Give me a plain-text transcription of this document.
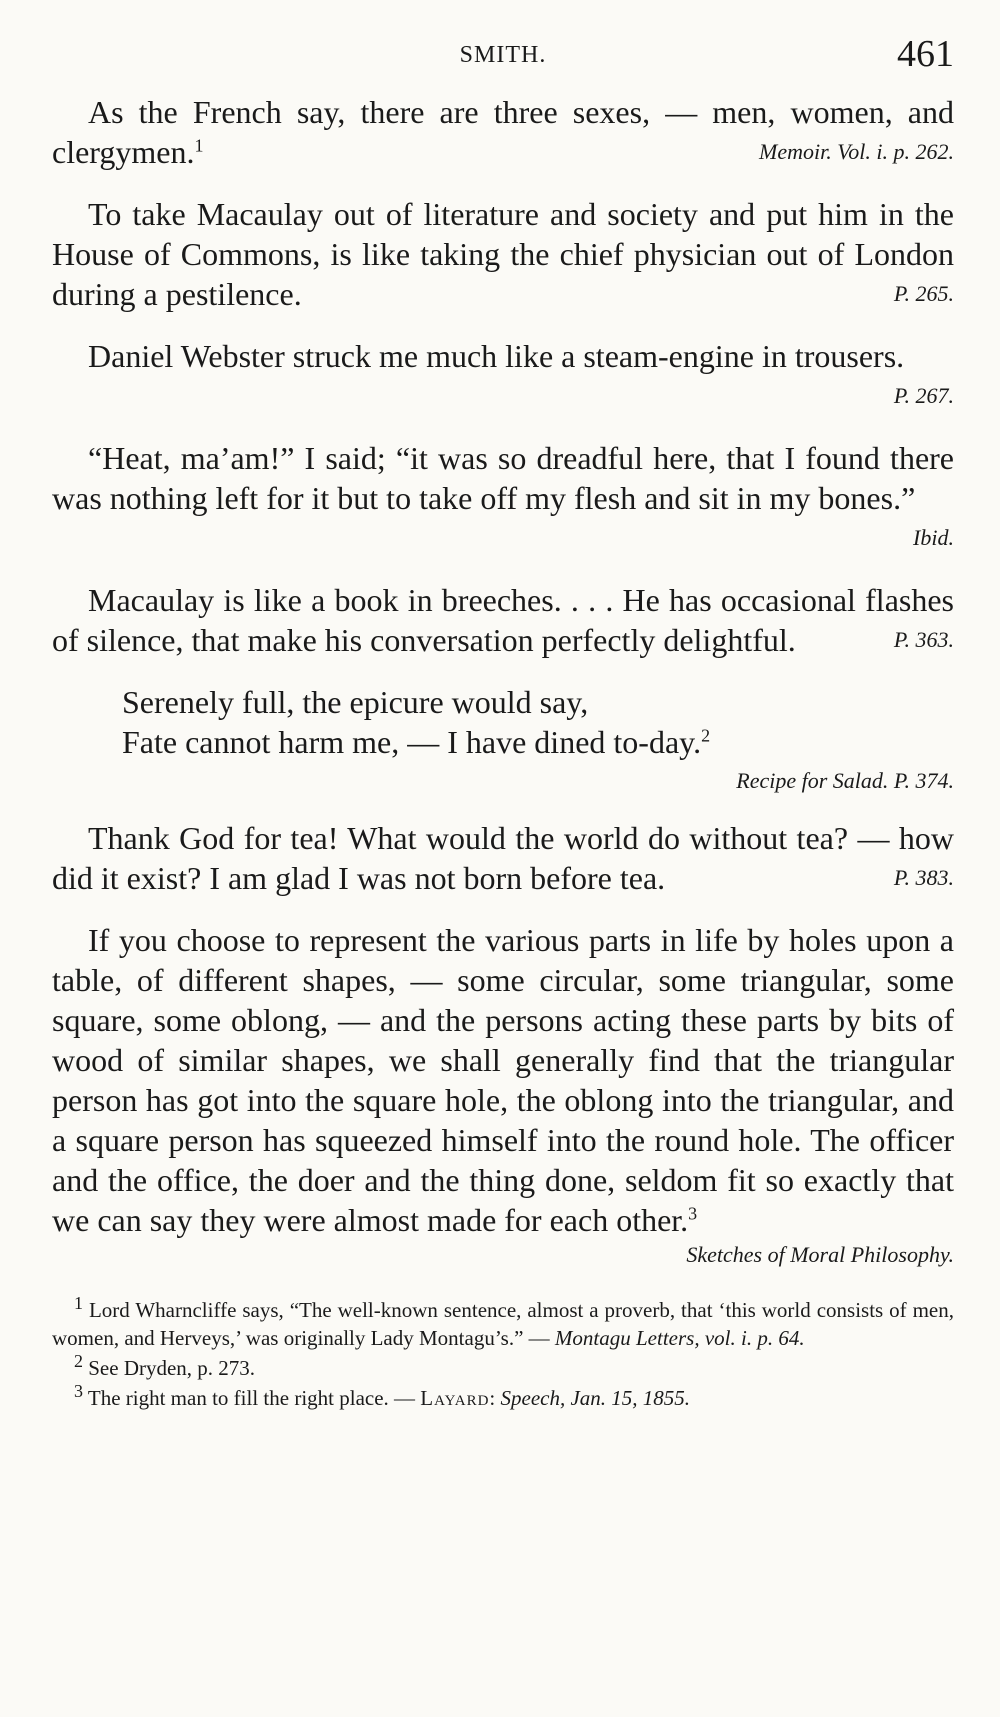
SMITH.	461

As the French say, there are three sexes, — men, women, and clergymen.$^1$	Memoir. Vol. i. p. 262.

To take Macaulay out of literature and society and put him in the House of Commons, is like taking the chief physician out of London during a pestilence.	P. 265.

Daniel Webster struck me much like a steam-engine in trousers.
P. 267.

“Heat, ma’am!” I said; “it was so dreadful here, that I found there was nothing left for it but to take off my flesh and sit in my bones.”
Ibid.

Macaulay is like a book in breeches. . . . He has occasional flashes of silence, that make his conversation perfectly delightful.	P. 363.

Serenely full, the epicure would say,
Fate cannot harm me, — I have dined to-day.$^2$
Recipe for Salad. P. 374.

Thank God for tea! What would the world do without tea? — how did it exist? I am glad I was not born before tea.	P. 383.

If you choose to represent the various parts in life by holes upon a table, of different shapes, — some circular, some triangular, some square, some oblong, — and the persons acting these parts by bits of wood of similar shapes, we shall generally find that the triangular person has got into the square hole, the oblong into the triangular, and a square person has squeezed himself into the round hole. The officer and the office, the doer and the thing done, seldom fit so exactly that we can say they were almost made for each other.$^3$

Sketches of Moral Philosophy.
$^1$ Lord Wharncliffe says, “The well-known sentence, almost a proverb, that ‘this world consists of men, women, and Herveys,’ was originally Lady Montagu’s.” — Montagu Letters, vol. i. p. 64.
$^2$ See Dryden, p. 273.
$^3$ The right man to fill the right place. — Layard: Speech, Jan. 15, 1855.
